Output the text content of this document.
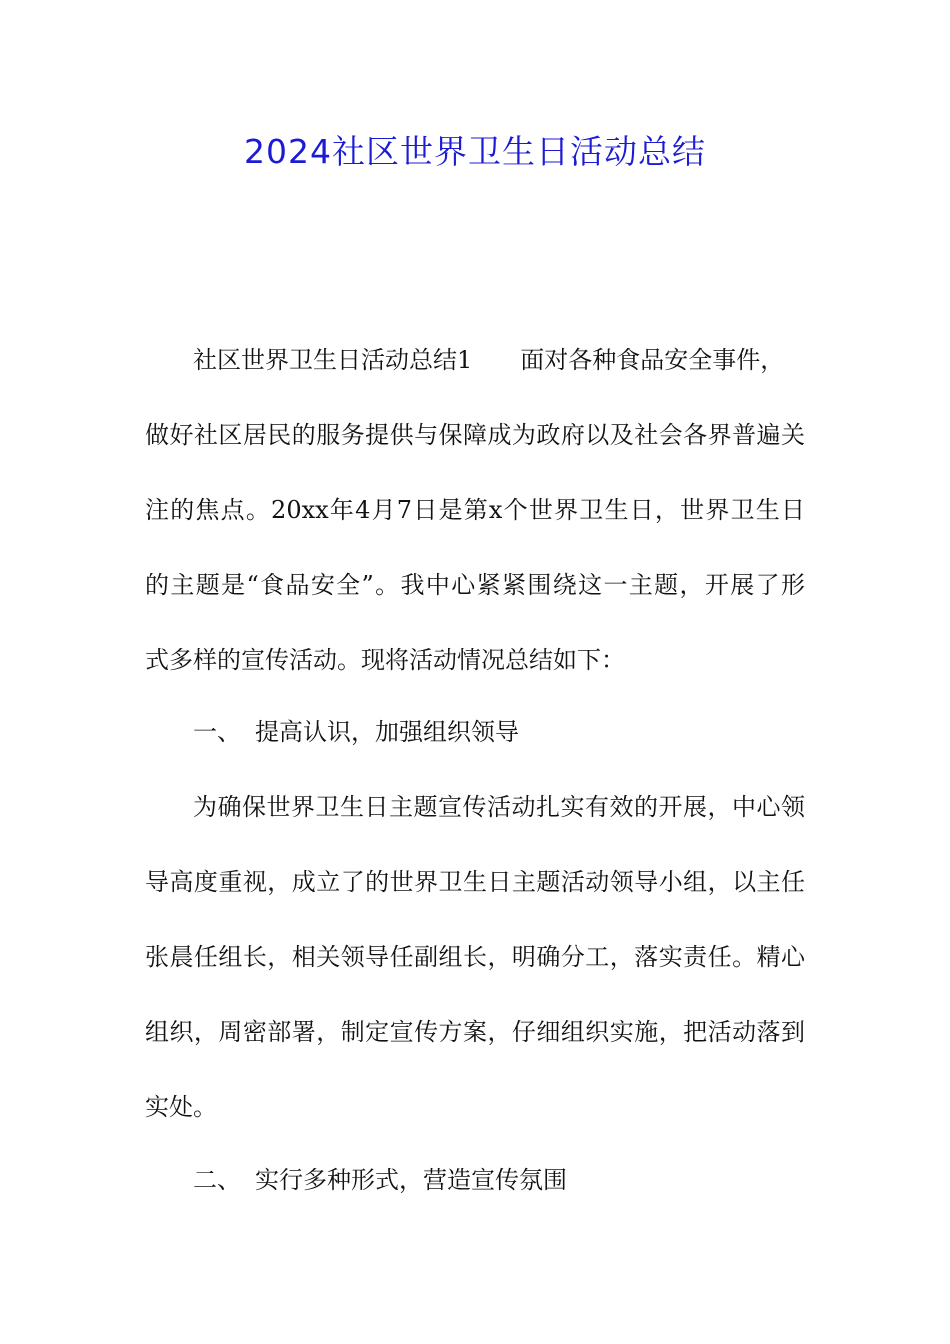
2024社区世界卫生日活动总结
社区世界卫生日活动总结1 面对各种食品安全事件，
做好社区居民的服务提供与保障成为政府以及社会各界普遍关
注的焦点。20xx年4月7日是第x个世界卫生日，世界卫生日
的主题是“食品安全”。我中心紧紧围绕这一主题，开展了形
式多样的宣传活动。现将活动情况总结如下：
一、 提高认识，加强组织领导
为确保世界卫生日主题宣传活动扎实有效的开展，中心领
导高度重视，成立了的世界卫生日主题活动领导小组，以主任
张晨任组长，相关领导任副组长，明确分工，落实责任。精心
组织，周密部署，制定宣传方案，仔细组织实施，把活动落到
实处。
二、 实行多种形式，营造宣传氛围
